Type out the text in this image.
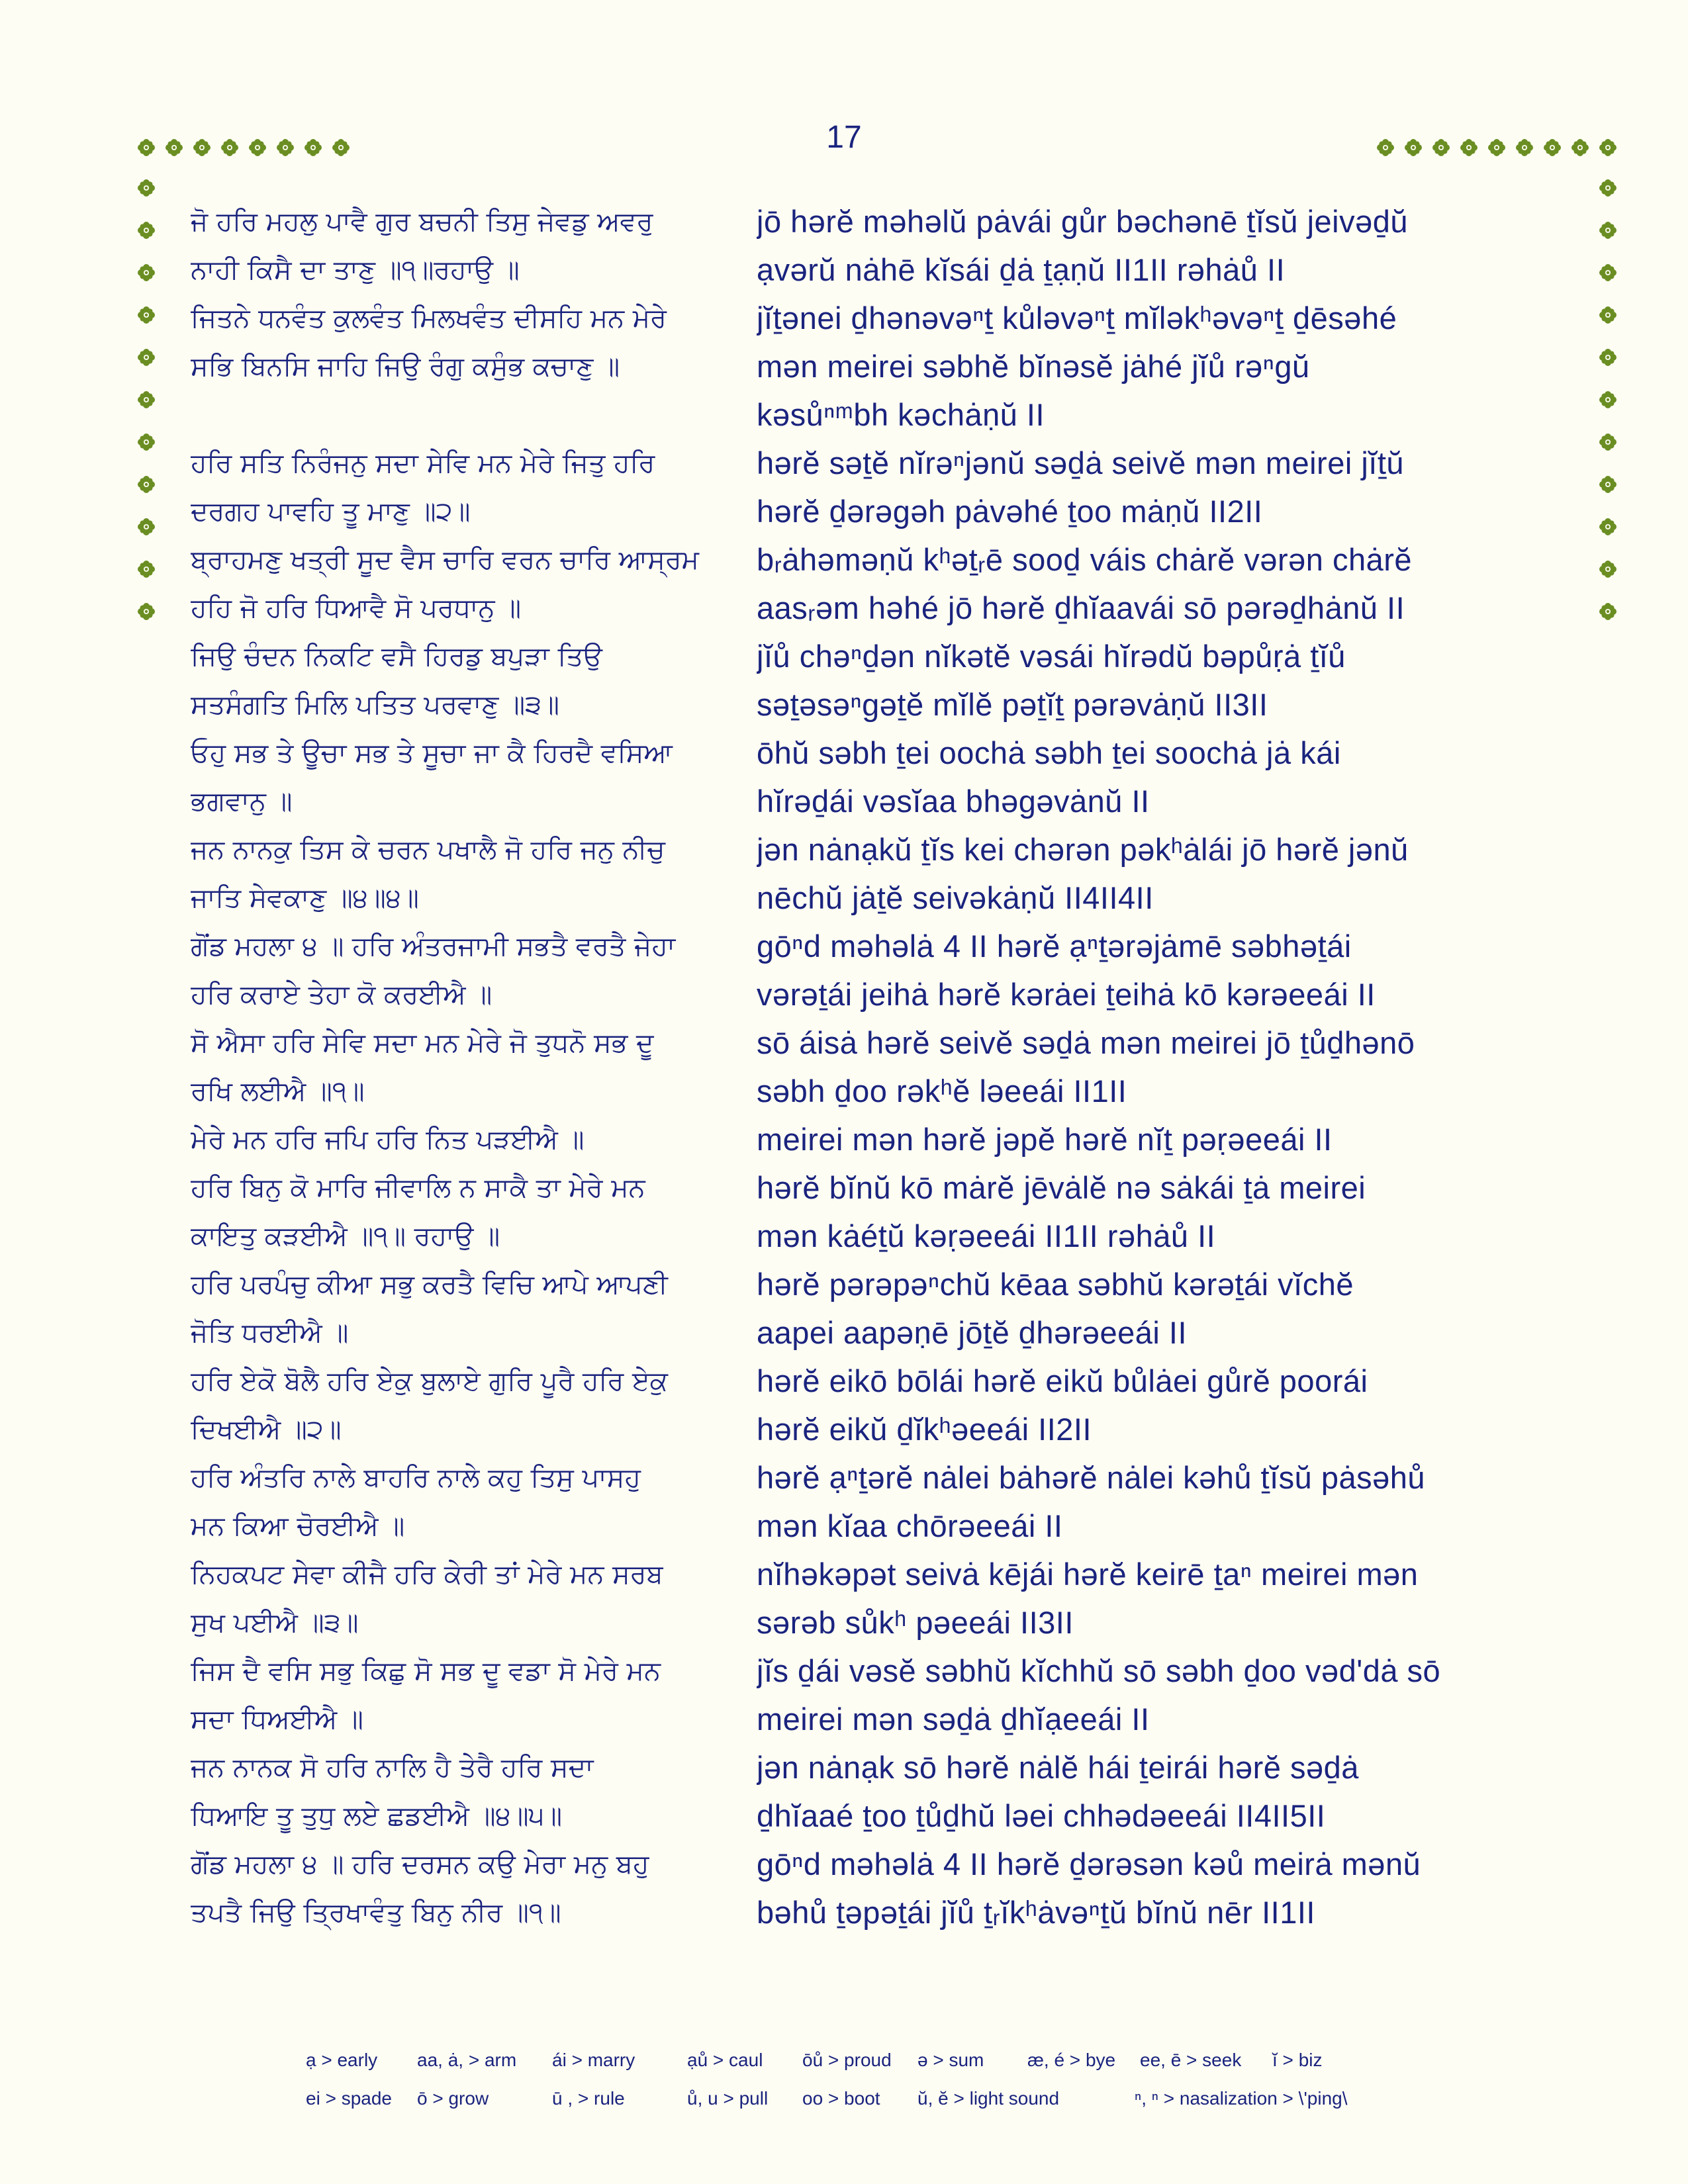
17
ਜੋ ਹਰਿ ਮਹਲੁ ਪਾਵੈ ਗੁਰ ਬਚਨੀ ਤਿਸੁ ਜੇਵਡੁ ਅਵਰੁ
ਨਾਹੀ ਕਿਸੈ ਦਾ ਤਾਣੁ ॥੧॥ਰਹਾਉ ॥
jō hərĕ məhəlŭ pȧvái gůr bəchənē ṯĭsŭ jeivəḏŭ
ạvərŭ nȧhē kĭsái ḏȧ ṯạṇŭ II1II rəhȧů II
ਜਿਤਨੇ ਧਨਵੰਤ ਕੁਲਵੰਤ ਮਿਲਖਵੰਤ ਦੀਸਹਿ ਮਨ ਮੇਰੇ
ਸਭਿ ਬਿਨਸਿ ਜਾਹਿ ਜਿਉ ਰੰਗੁ ਕਸੁੰਭ ਕਚਾਣੁ ॥
jĭṯənei ḏhənəvəⁿṯ kůləvəⁿṯ mĭləkʰəvəⁿṯ ḏēsəhé
mən meirei səbhĕ bĭnəsĕ jȧhé jĭů rəⁿgŭ
kəsůⁿᵐbh kəchȧṇŭ II
ਹਰਿ ਸਤਿ ਨਿਰੰਜਨੁ ਸਦਾ ਸੇਵਿ ਮਨ ਮੇਰੇ ਜਿਤੁ ਹਰਿ
ਦਰਗਹ ਪਾਵਹਿ ਤੂ ਮਾਣੁ ॥੨॥
hərĕ səṯĕ nĭrəⁿjənŭ səḏȧ seivĕ mən meirei jĭṯŭ
hərĕ ḏərəgəh pȧvəhé ṯoo mȧṇŭ II2II
ਬ੍ਰਾਹਮਣੁ ਖਤ੍ਰੀ ਸੂਦ ਵੈਸ ਚਾਰਿ ਵਰਨ ਚਾਰਿ ਆਸ੍ਰਮ
ਹਹਿ ਜੋ ਹਰਿ ਧਿਆਵੈ ਸੋ ਪਰਧਾਨੁ ॥
bᵣȧhəməṇŭ kʰəṯᵣē sooḏ váis chȧrĕ vərən chȧrĕ
aasᵣəm həhé jō hərĕ ḏhĭaavái sō pərəḏhȧnŭ II
ਜਿਉ ਚੰਦਨ ਨਿਕਟਿ ਵਸੈ ਹਿਰਡੁ ਬਪੁੜਾ ਤਿਉ
ਸਤਸੰਗਤਿ ਮਿਲਿ ਪਤਿਤ ਪਰਵਾਣੁ ॥੩॥
jĭů chəⁿḏən nĭkətĕ vəsái hĭrədŭ bəpůṛȧ ṯĭů
səṯəsəⁿgəṯĕ mĭlĕ pəṯĭṯ pərəvȧṇŭ II3II
ਓਹੁ ਸਭ ਤੇ ਊਚਾ ਸਭ ਤੇ ਸੂਚਾ ਜਾ ਕੈ ਹਿਰਦੈ ਵਸਿਆ
ਭਗਵਾਨੁ ॥
ōhŭ səbh ṯei oochȧ səbh ṯei soochȧ jȧ kái
hĭrəḏái vəsĭaa bhəgəvȧnŭ II
ਜਨ ਨਾਨਕੁ ਤਿਸ ਕੇ ਚਰਨ ਪਖਾਲੈ ਜੋ ਹਰਿ ਜਨੁ ਨੀਚੁ
ਜਾਤਿ ਸੇਵਕਾਣੁ ॥੪॥੪॥
jən nȧnạkŭ ṯĭs kei chərən pəkʰȧlái jō hərĕ jənŭ
nēchŭ jȧṯĕ seivəkȧṇŭ II4II4II
ਗੋਂਡ ਮਹਲਾ ੪ ॥ ਹਰਿ ਅੰਤਰਜਾਮੀ ਸਭਤੈ ਵਰਤੈ ਜੇਹਾ
ਹਰਿ ਕਰਾਏ ਤੇਹਾ ਕੋ ਕਰਈਐ ॥
gōⁿd məhəlȧ 4 II hərĕ ạⁿṯərəjȧmē səbhəṯái
vərəṯái jeihȧ hərĕ kərȧei ṯeihȧ kō kərəeeái II
ਸੋ ਐਸਾ ਹਰਿ ਸੇਵਿ ਸਦਾ ਮਨ ਮੇਰੇ ਜੋ ਤੁਧਨੋ ਸਭ ਦੂ
ਰਖਿ ਲਈਐ ॥੧॥
sō áisȧ hərĕ seivĕ səḏȧ mən meirei jō ṯůḏhənō
səbh ḏoo rəkʰĕ ləeeái II1II
ਮੇਰੇ ਮਨ ਹਰਿ ਜਪਿ ਹਰਿ ਨਿਤ ਪੜਈਐ ॥	meirei mən hərĕ jəpĕ hərĕ nĭṯ pəṛəeeái II
ਹਰਿ ਬਿਨੁ ਕੋ ਮਾਰਿ ਜੀਵਾਲਿ ਨ ਸਾਕੈ ਤਾ ਮੇਰੇ ਮਨ
ਕਾਇਤੁ ਕੜਈਐ ॥੧॥ ਰਹਾਉ ॥
hərĕ bĭnŭ kō mȧrĕ jēvȧlĕ nə sȧkái ṯȧ meirei
mən kȧéṯŭ kəṛəeeái II1II rəhȧů II
ਹਰਿ ਪਰਪੰਚੁ ਕੀਆ ਸਭੁ ਕਰਤੈ ਵਿਚਿ ਆਪੇ ਆਪਣੀ
ਜੋਤਿ ਧਰਈਐ ॥
hərĕ pərəpəⁿchŭ kēaa səbhŭ kərəṯái vĭchĕ
aapei aapəṇē jōṯĕ ḏhərəeeái II
ਹਰਿ ਏਕੋ ਬੋਲੈ ਹਰਿ ਏਕੁ ਬੁਲਾਏ ਗੁਰਿ ਪੂਰੈ ਹਰਿ ਏਕੁ
ਦਿਖਈਐ ॥੨॥
hərĕ eikō bōlái hərĕ eikŭ bůlȧei gůrĕ poorái
hərĕ eikŭ ḏĭkʰəeeái II2II
ਹਰਿ ਅੰਤਰਿ ਨਾਲੇ ਬਾਹਰਿ ਨਾਲੇ ਕਹੁ ਤਿਸੁ ਪਾਸਹੁ
ਮਨ ਕਿਆ ਚੋਰਈਐ ॥
hərĕ ạⁿṯərĕ nȧlei bȧhərĕ nȧlei kəhů ṯĭsŭ pȧsəhů
mən kĭaa chōrəeeái II
ਨਿਹਕਪਟ ਸੇਵਾ ਕੀਜੈ ਹਰਿ ਕੇਰੀ ਤਾਂ ਮੇਰੇ ਮਨ ਸਰਬ
ਸੁਖ ਪਈਐ ॥੩॥
nĭhəkəpət seivȧ kējái hərĕ keirē ṯaⁿ meirei mən
sərəb sůkʰ pəeeái II3II
ਜਿਸ ਦੈ ਵਸਿ ਸਭੁ ਕਿਛੁ ਸੋ ਸਭ ਦੂ ਵਡਾ ਸੋ ਮੇਰੇ ਮਨ
ਸਦਾ ਧਿਅਈਐ ॥
jĭs ḏái vəsĕ səbhŭ kĭchhŭ sō səbh ḏoo vəd'dȧ sō
meirei mən səḏȧ ḏhĭạeeái II
ਜਨ ਨਾਨਕ ਸੋ ਹਰਿ ਨਾਲਿ ਹੈ ਤੇਰੈ ਹਰਿ ਸਦਾ
ਧਿਆਇ ਤੂ ਤੁਧੁ ਲਏ ਛਡਈਐ ॥੪॥੫॥
jən nȧnạk sō hərĕ nȧlĕ hái ṯeirái hərĕ səḏȧ
ḏhĭaaé ṯoo ṯůḏhŭ ləei chhədəeeái II4II5II
ਗੋਂਡ ਮਹਲਾ ੪ ॥ ਹਰਿ ਦਰਸਨ ਕਉ ਮੇਰਾ ਮਨੁ ਬਹੁ
ਤਪਤੈ ਜਿਉ ਤ੍ਰਿਖਾਵੰਤੁ ਬਿਨੁ ਨੀਰ ॥੧॥
gōⁿd məhəlȧ 4 II hərĕ ḏərəsən kəů meirȧ mənŭ
bəhů ṯəpəṯái jĭů ṯᵣĭkʰȧvəⁿṯŭ bĭnŭ nēr II1II
ạ > early	aa, ȧ, > arm	ái > marry	ạů > caul	ōů > proud	ə > sum	æ, é > bye	ee, ē > seek	ĭ > biz
ei > spade	ō > grow	ū , > rule	ů, u > pull	oo > boot	ŭ, ĕ > light sound	ⁿ, ⁿ > nasalization > \'ping\
